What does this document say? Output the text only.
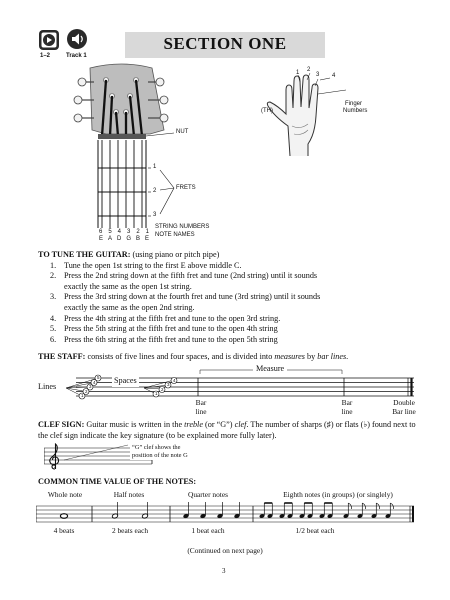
1–2	Track 1
SECTION ONE
NUT
FRETS
1
2
3
6 5 4 3 2 1
E A D G B E
STRING NUMBERS
NOTE NAMES
1 2
3 4
(TH)
Finger
Numbers
TO TUNE THE GUITAR: (using piano or pitch pipe)
1. Tune the open 1st string to the first E above middle C.
2. Press the 2nd string down at the fifth fret and tune (2nd string) until it sounds exactly the same as the open 1st string.
3. Press the 3rd string down at the fourth fret and tune (3rd string) until it sounds exactly the same as the open 2nd string.
4. Press the 4th string at the fifth fret and tune to the open 3rd string.
5. Press the 5th string at the fifth fret and tune to the open 4th string
6. Press the 6th string at the fifth fret and tune to the open 5th string
THE STAFF: consists of five lines and four spaces, and is divided into measures by bar lines.
Lines
Spaces
1
2
3
4
5
1
2
3
4
Measure
Bar
line
Bar
line
Double
Bar line
CLEF SIGN: Guitar music is written in the treble (or “G”) clef. The number of sharps (♯) or flats (♭) found next to the clef sign indicate the key signature (to be explained more fully later).
“G” clef shows the
position of the note G
COMMON TIME VALUE OF THE NOTES:
Whole note	Half notes	Quarter notes	Eighth notes (in groups) (or singlely)
4 beats	2 beats each	1 beat each	1/2 beat each
(Continued on next page)
3
